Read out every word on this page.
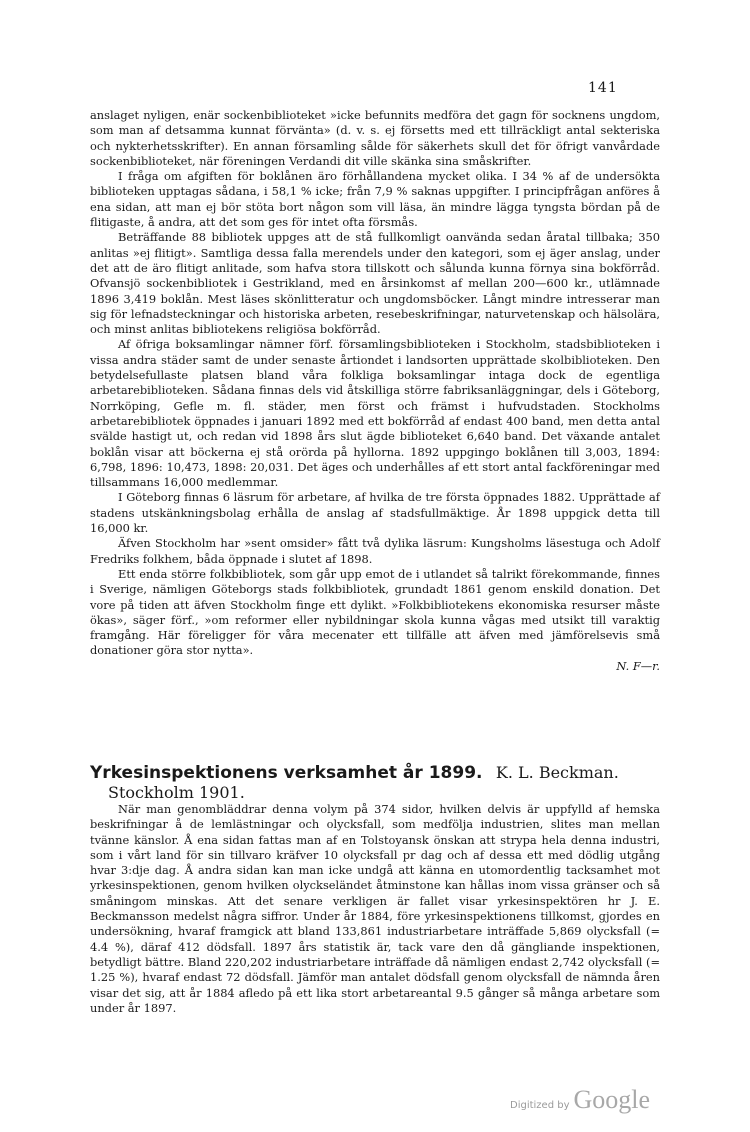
141

anslaget nyligen, enär sockenbiblioteket »icke befunnits medföra det gagn för socknens ungdom, som man af detsamma kunnat förvänta» (d. v. s. ej försetts med ett tillräckligt antal sekteriska och nykterhetsskrifter). En annan församling sålde för säkerhets skull det för öfrigt vanvårdade sockenbiblioteket, när föreningen Verdandi dit ville skänka sina småskrifter.

I fråga om afgiften för boklånen äro förhållandena mycket olika. I 34 % af de undersökta biblioteken upptagas sådana, i 58,1 % icke; från 7,9 % saknas uppgifter. I principfrågan anföres å ena sidan, att man ej bör stöta bort någon som vill läsa, än mindre lägga tyngsta bördan på de flitigaste, å andra, att det som ges för intet ofta försmås.

Beträffande 88 bibliotek uppges att de stå fullkomligt oanvända sedan åratal tillbaka; 350 anlitas »ej flitigt». Samtliga dessa falla merendels under den kategori, som ej äger anslag, under det att de äro flitigt anlitade, som hafva stora tillskott och sålunda kunna förnya sina bokförråd. Ofvansjö sockenbibliotek i Gestrikland, med en årsinkomst af mellan 200—600 kr., utlämnade 1896 3,419 boklån. Mest läses skönlitteratur och ungdomsböcker. Långt mindre intresserar man sig för lefnadsteckningar och historiska arbeten, resebeskrifningar, naturvetenskap och hälsolära, och minst anlitas bibliotekens religiösa bokförråd.

Af öfriga boksamlingar nämner förf. församlingsbiblioteken i Stockholm, stadsbiblioteken i vissa andra städer samt de under senaste årtiondet i landsorten upprättade skolbiblioteken. Den betydelsefullaste platsen bland våra folkliga boksamlingar intaga dock de egentliga arbetarebiblioteken. Sådana finnas dels vid åtskilliga större fabriksanläggningar, dels i Göteborg, Norrköping, Gefle m. fl. städer, men först och främst i hufvudstaden. Stockholms arbetarebibliotek öppnades i januari 1892 med ett bokförråd af endast 400 band, men detta antal svälde hastigt ut, och redan vid 1898 års slut ägde biblioteket 6,640 band. Det växande antalet boklån visar att böckerna ej stå orörda på hyllorna. 1892 uppgingo boklånen till 3,003, 1894: 6,798, 1896: 10,473, 1898: 20,031. Det äges och underhålles af ett stort antal fackföreningar med tillsammans 16,000 medlemmar.

I Göteborg finnas 6 läsrum för arbetare, af hvilka de tre första öppnades 1882. Upprättade af stadens utskänkningsbolag erhålla de anslag af stadsfullmäktige. År 1898 uppgick detta till 16,000 kr.

Äfven Stockholm har »sent omsider» fått två dylika läsrum: Kungsholms läsestuga och Adolf Fredriks folkhem, båda öppnade i slutet af 1898.

Ett enda större folkbibliotek, som går upp emot de i utlandet så talrikt förekommande, finnes i Sverige, nämligen Göteborgs stads folkbibliotek, grundadt 1861 genom enskild donation. Det vore på tiden att äfven Stockholm finge ett dylikt. »Folkbibliotekens ekonomiska resurser måste ökas», säger förf., »om reformer eller nybildningar skola kunna vågas med utsikt till varaktig framgång. Här föreligger för våra mecenater ett tillfälle att äfven med jämförelsevis små donationer göra stor nytta».

N. F—r.

Yrkesinspektionens verksamhet år 1899. K. L. Beckman.
Stockholm 1901.

När man genombläddrar denna volym på 374 sidor, hvilken delvis är uppfylld af hemska beskrifningar å de lemlästningar och olycksfall, som medföljа industrien, slites man mellan tvänne känslor. Å ena sidan fattas man af en Tolstoyansk önskan att strypa hela denna industri, som i vårt land för sin tillvaro kräfver 10 olycksfall pr dag och af dessa ett med dödlig utgång hvar 3:dje dag. Å andra sidan kan man icke undgå att känna en utomordentlig tacksamhet mot yrkesinspektionen, genom hvilken olyckseländet åtminstone kan hållas inom vissa gränser och så småningom minskas. Att det senare verkligen är fallet visar yrkesinspektören hr J. E. Beckmansson medelst några siffror. Under år 1884, före yrkesinspektionens tillkomst, gjordes en undersökning, hvaraf framgick att bland 133,861 industriarbetare inträffade 5,869 olycksfall (= 4.4 %), däraf 412 dödsfall. 1897 års statistik är, tack vare den då gängliande inspektionen, betydligt bättre. Bland 220,202 industriarbetare inträffade då nämligen endast 2,742 olycksfall (= 1.25 %), hvaraf endast 72 dödsfall. Jämför man antalet dödsfall genom olycksfall de nämnda åren visar det sig, att år 1884 afledo på ett lika stort arbetareantal 9.5 gånger så många arbetare som under år 1897.

Digitized by Google
